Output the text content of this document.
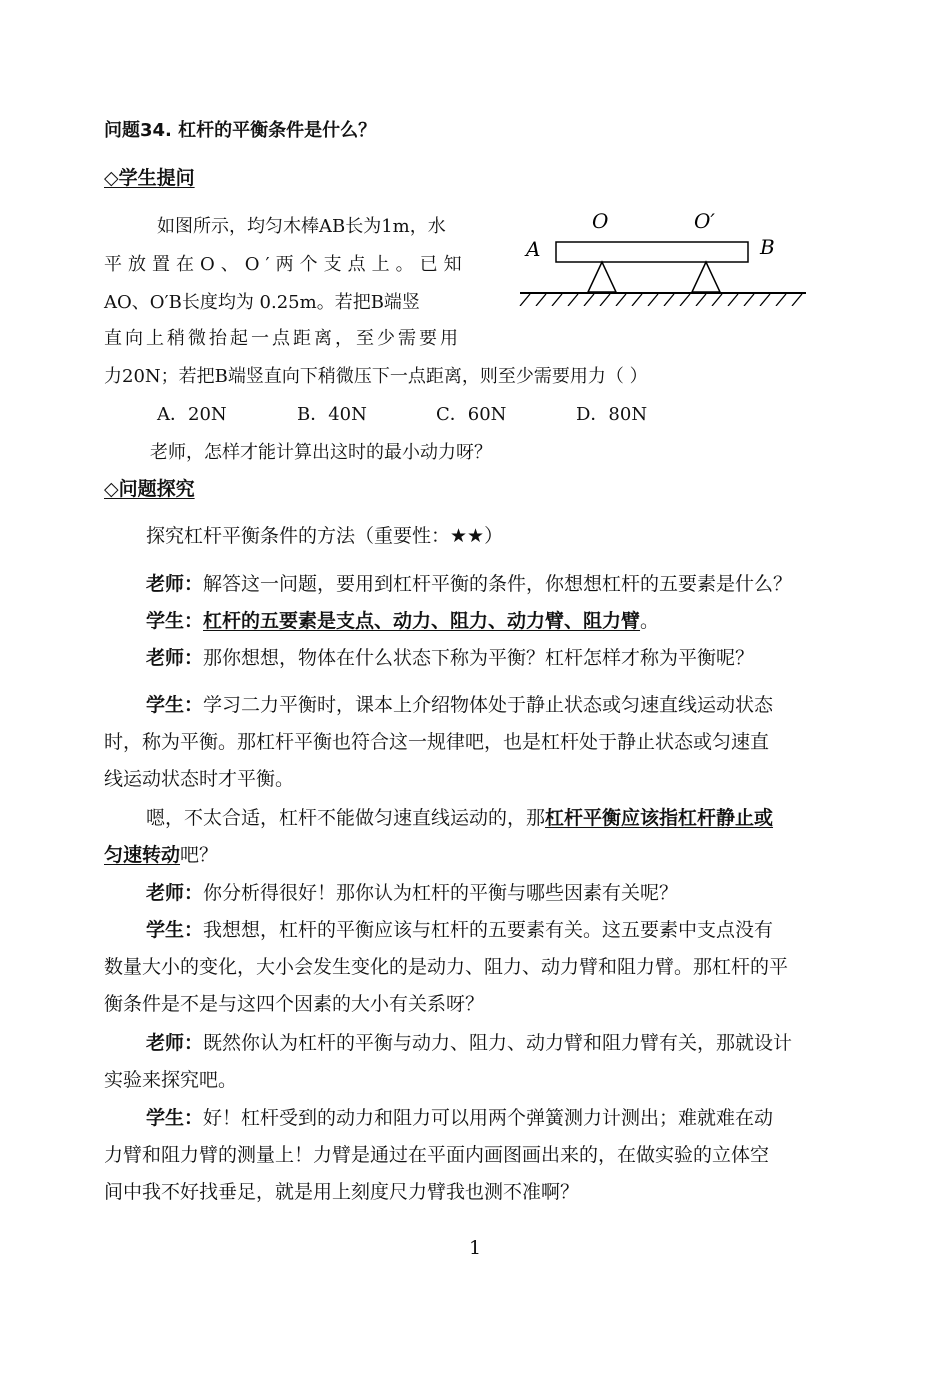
问题34. 杠杆的平衡条件是什么？
◇学生提问
如图所示，均匀木棒AB长为1m，水
平放置在O、O′两个支点上。已知
AO、O′B长度均为 0.25m。若把B端竖
直向上稍微抬起一点距离，至少需要用
力20N；若把B端竖直向下稍微压下一点距离，则至少需要用力（ ）
A．20N	B．40N	C．60N	D．80N
老师，怎样才能计算出这时的最小动力呀？
A	B
O	O′
◇问题探究
探究杠杆平衡条件的方法（重要性：★★）
老师：解答这一问题，要用到杠杆平衡的条件，你想想杠杆的五要素是什么？
学生：杠杆的五要素是支点、动力、阻力、动力臂、阻力臂。
老师：那你想想，物体在什么状态下称为平衡？杠杆怎样才称为平衡呢？
学生：学习二力平衡时，课本上介绍物体处于静止状态或匀速直线运动状态
时，称为平衡。那杠杆平衡也符合这一规律吧，也是杠杆处于静止状态或匀速直
线运动状态时才平衡。
嗯，不太合适，杠杆不能做匀速直线运动的，那杠杆平衡应该指杠杆静止或
匀速转动吧？
老师：你分析得很好！那你认为杠杆的平衡与哪些因素有关呢？
学生：我想想，杠杆的平衡应该与杠杆的五要素有关。这五要素中支点没有
数量大小的变化，大小会发生变化的是动力、阻力、动力臂和阻力臂。那杠杆的平
衡条件是不是与这四个因素的大小有关系呀？
老师：既然你认为杠杆的平衡与动力、阻力、动力臂和阻力臂有关，那就设计
实验来探究吧。
学生：好！杠杆受到的动力和阻力可以用两个弹簧测力计测出；难就难在动
力臂和阻力臂的测量上！力臂是通过在平面内画图画出来的，在做实验的立体空
间中我不好找垂足，就是用上刻度尺力臂我也测不准啊？
1
